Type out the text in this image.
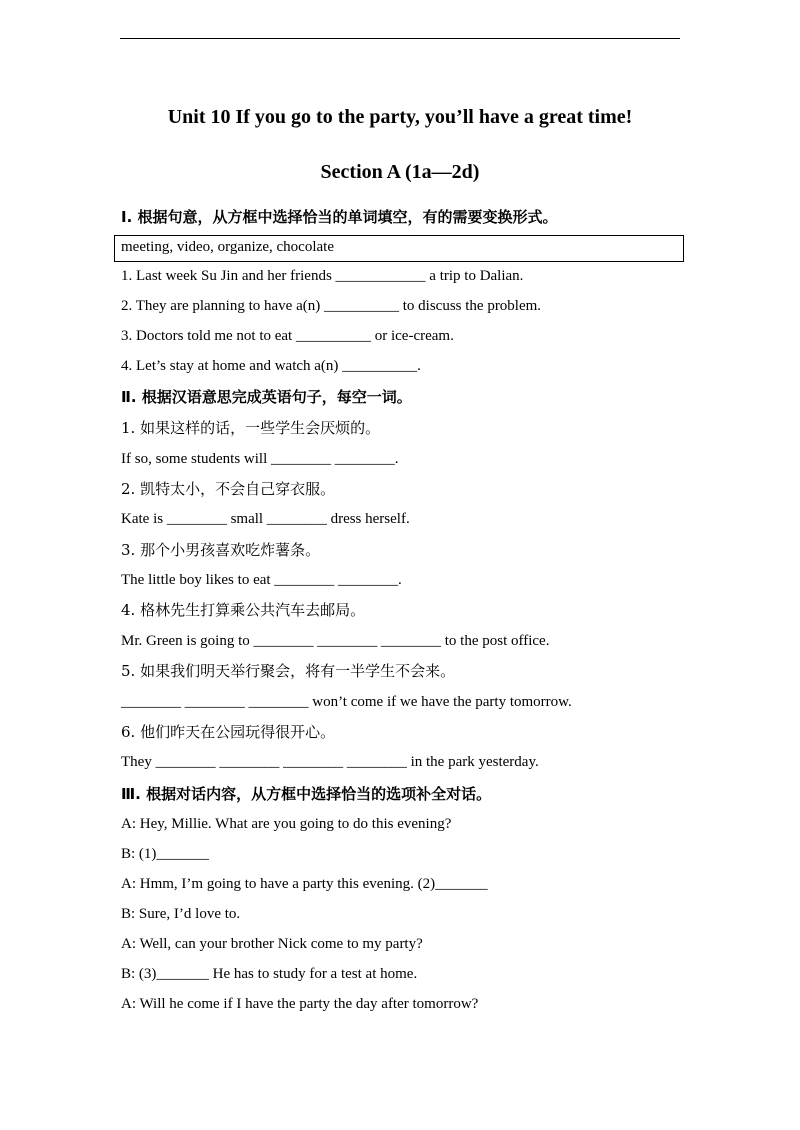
Unit 10 If you go to the party, you’ll have a great time!
Section A (1a—2d)
Ⅰ. 根据句意，从方框中选择恰当的单词填空，有的需要变换形式。
meeting, video, organize, chocolate
1. Last week Su Jin and her friends ____________ a trip to Dalian.
2. They are planning to have a(n) __________ to discuss the problem.
3. Doctors told me not to eat __________ or ice-cream.
4. Let’s stay at home and watch a(n) __________.
Ⅱ. 根据汉语意思完成英语句子，每空一词。
1. 如果这样的话，一些学生会厌烦的。
If so, some students will ________ ________.
2. 凯特太小，不会自己穿衣服。
Kate is ________ small ________ dress herself.
3. 那个小男孩喜欢吃炸薯条。
The little boy likes to eat ________ ________.
4. 格林先生打算乘公共汽车去邮局。
Mr. Green is going to ________ ________ ________ to the post office.
5. 如果我们明天举行聚会，将有一半学生不会来。
________ ________ ________ won’t come if we have the party tomorrow.
6. 他们昨天在公园玩得很开心。
They ________ ________ ________ ________ in the park yesterday.
Ⅲ. 根据对话内容，从方框中选择恰当的选项补全对话。
A: Hey, Millie. What are you going to do this evening?
B: (1)_______
A: Hmm, I’m going to have a party this evening. (2)_______
B: Sure, I’d love to.
A: Well, can your brother Nick come to my party?
B: (3)_______ He has to study for a test at home.
A: Will he come if I have the party the day after tomorrow?
